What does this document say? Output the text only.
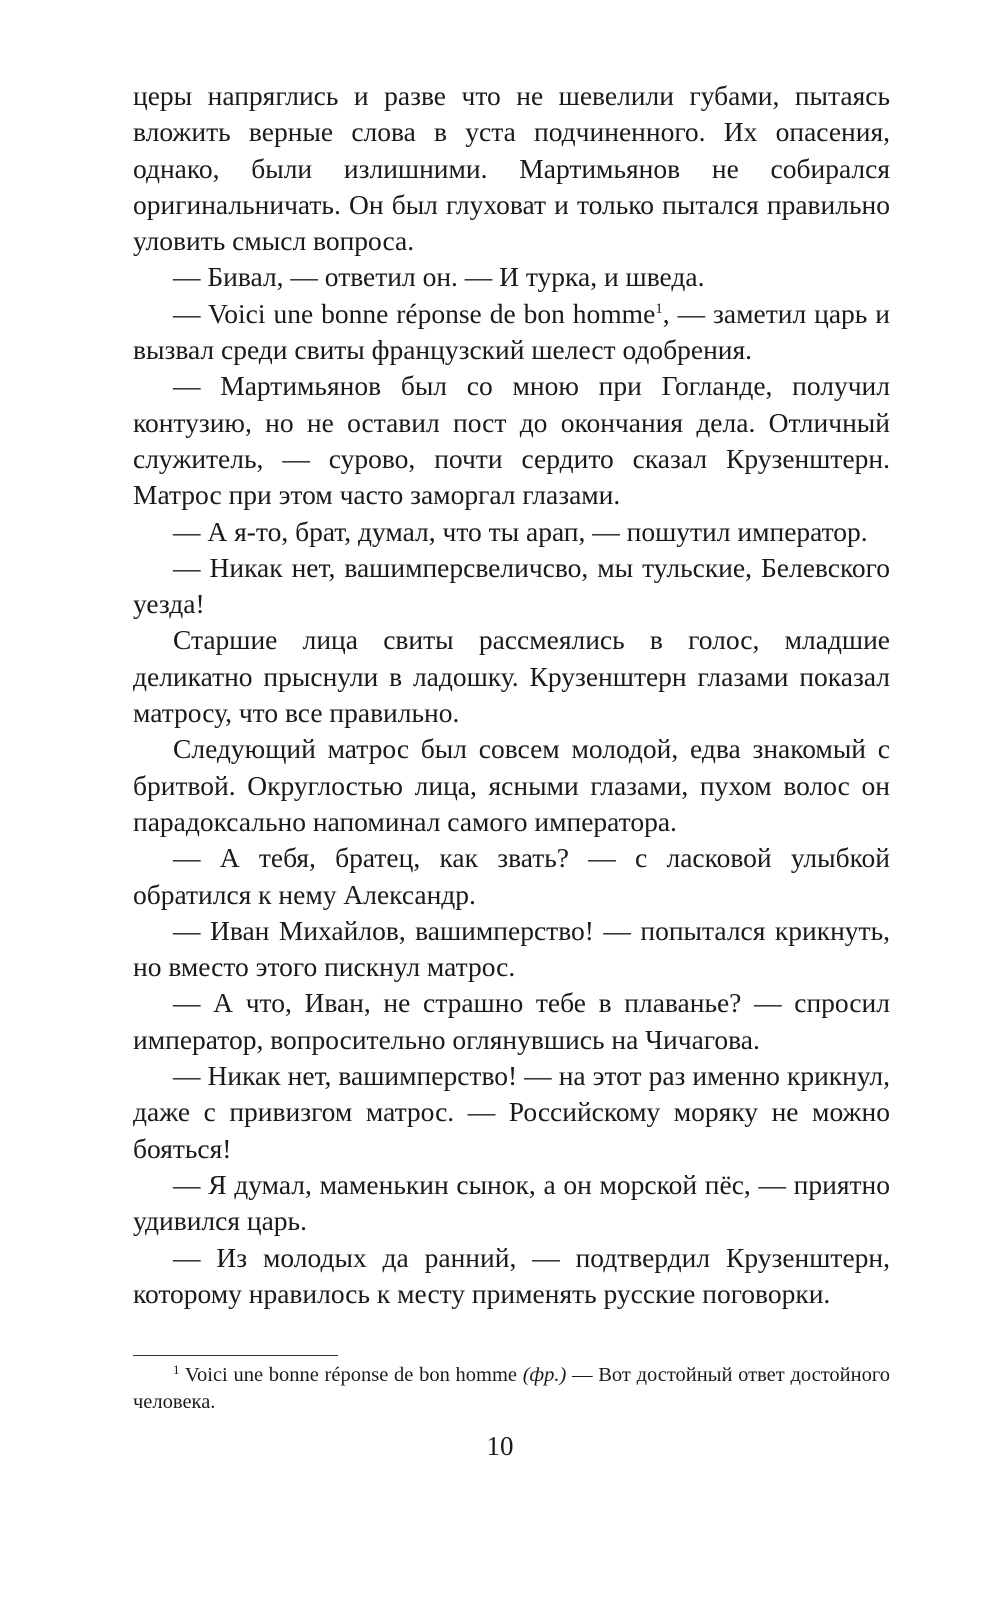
церы напряглись и разве что не шевелили губами, пытаясь вложить верные слова в уста подчиненного. Их опасения, однако, были излишними. Мартимьянов не собирался оригинальничать. Он был глуховат и только пытался правильно уловить смысл вопроса.

— Бивал, — ответил он. — И турка, и шведа.

— Voici une bonne réponse de bon homme$^1$, — заметил царь и вызвал среди свиты французский шелест одобрения.

— Мартимьянов был со мною при Гогланде, получил контузию, но не оставил пост до окончания дела. Отличный служитель, — сурово, почти сердито сказал Крузенштерн. Матрос при этом часто заморгал глазами.

— А я-то, брат, думал, что ты арап, — пошутил император.

— Никак нет, вашимперсвеличсво, мы тульские, Белевского уезда!

Старшие лица свиты рассмеялись в голос, младшие деликатно прыснули в ладошку. Крузенштерн глазами показал матросу, что все правильно.

Следующий матрос был совсем молодой, едва знакомый с бритвой. Округлостью лица, ясными глазами, пухом волос он парадоксально напоминал самого императора.

— А тебя, братец, как звать? — с ласковой улыбкой обратился к нему Александр.

— Иван Михайлов, вашимперство! — попытался крикнуть, но вместо этого пискнул матрос.

— А что, Иван, не страшно тебе в плаванье? — спросил император, вопросительно оглянувшись на Чичагова.

— Никак нет, вашимперство! — на этот раз именно крикнул, даже с привизгом матрос. — Российскому моряку не можно бояться!

— Я думал, маменькин сынок, а он морской пёс, — приятно удивился царь.

— Из молодых да ранний, — подтвердил Крузенштерн, которому нравилось к месту применять русские поговорки.

$^1$ Voici une bonne réponse de bon homme (фр.) — Вот достойный ответ достойного человека.
10
